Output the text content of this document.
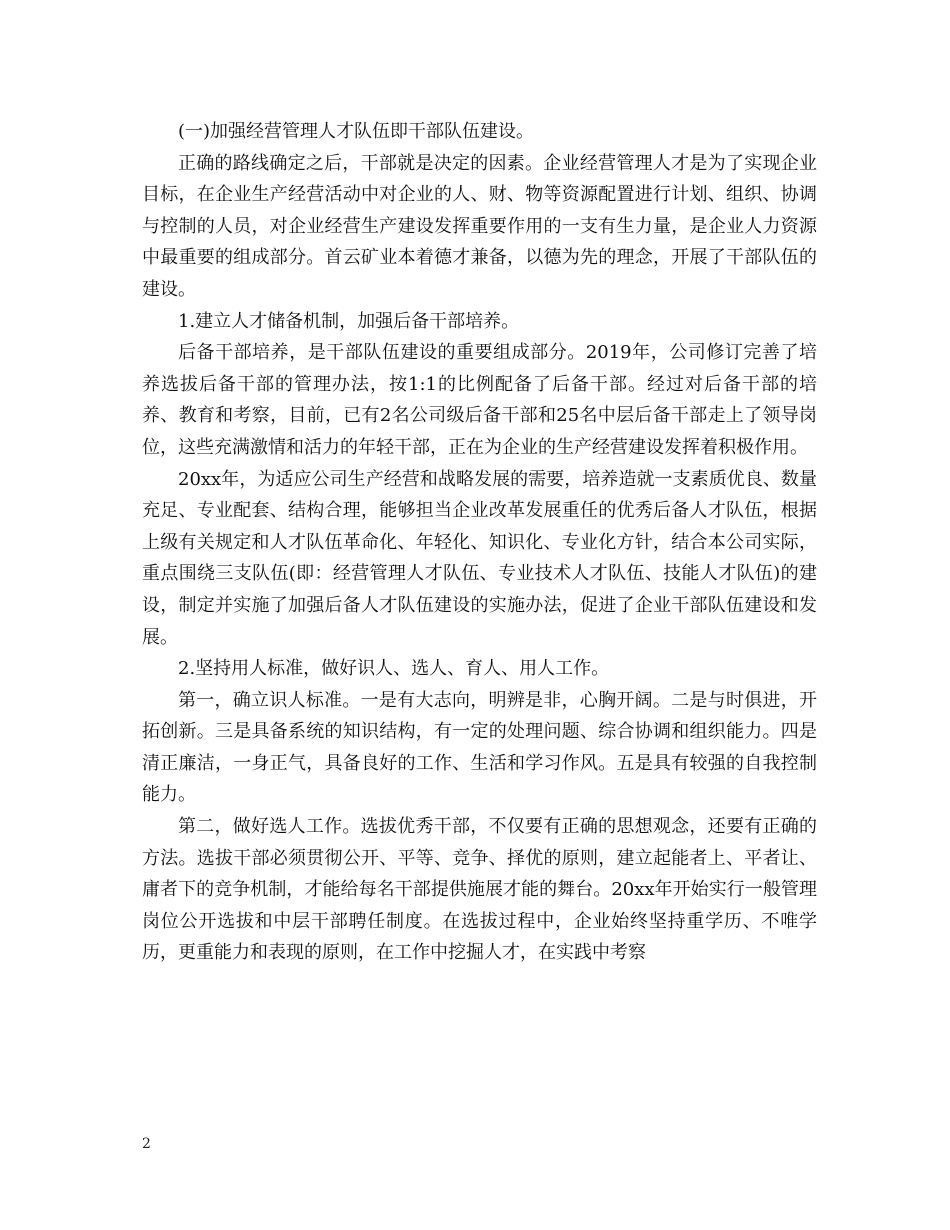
(一)加强经营管理人才队伍即干部队伍建设。

正确的路线确定之后，干部就是决定的因素。企业经营管理人才是为了实现企业目标，在企业生产经营活动中对企业的人、财、物等资源配置进行计划、组织、协调与控制的人员，对企业经营生产建设发挥重要作用的一支有生力量，是企业人力资源中最重要的组成部分。首云矿业本着德才兼备，以德为先的理念，开展了干部队伍的建设。

1.建立人才储备机制，加强后备干部培养。

后备干部培养，是干部队伍建设的重要组成部分。2019年，公司修订完善了培养选拔后备干部的管理办法，按1:1的比例配备了后备干部。经过对后备干部的培养、教育和考察，目前，已有2名公司级后备干部和25名中层后备干部走上了领导岗位，这些充满激情和活力的年轻干部，正在为企业的生产经营建设发挥着积极作用。

20xx年，为适应公司生产经营和战略发展的需要，培养造就一支素质优良、数量充足、专业配套、结构合理，能够担当企业改革发展重任的优秀后备人才队伍，根据上级有关规定和人才队伍革命化、年轻化、知识化、专业化方针，结合本公司实际，重点围绕三支队伍(即：经营管理人才队伍、专业技术人才队伍、技能人才队伍)的建设，制定并实施了加强后备人才队伍建设的实施办法，促进了企业干部队伍建设和发展。

2.坚持用人标准，做好识人、选人、育人、用人工作。

第一，确立识人标准。一是有大志向，明辨是非，心胸开阔。二是与时俱进，开拓创新。三是具备系统的知识结构，有一定的处理问题、综合协调和组织能力。四是清正廉洁，一身正气，具备良好的工作、生活和学习作风。五是具有较强的自我控制能力。

第二，做好选人工作。选拔优秀干部，不仅要有正确的思想观念，还要有正确的方法。选拔干部必须贯彻公开、平等、竞争、择优的原则，建立起能者上、平者让、庸者下的竞争机制，才能给每名干部提供施展才能的舞台。20xx年开始实行一般管理岗位公开选拔和中层干部聘任制度。在选拔过程中，企业始终坚持重学历、不唯学历，更重能力和表现的原则，在工作中挖掘人才，在实践中考察

2
